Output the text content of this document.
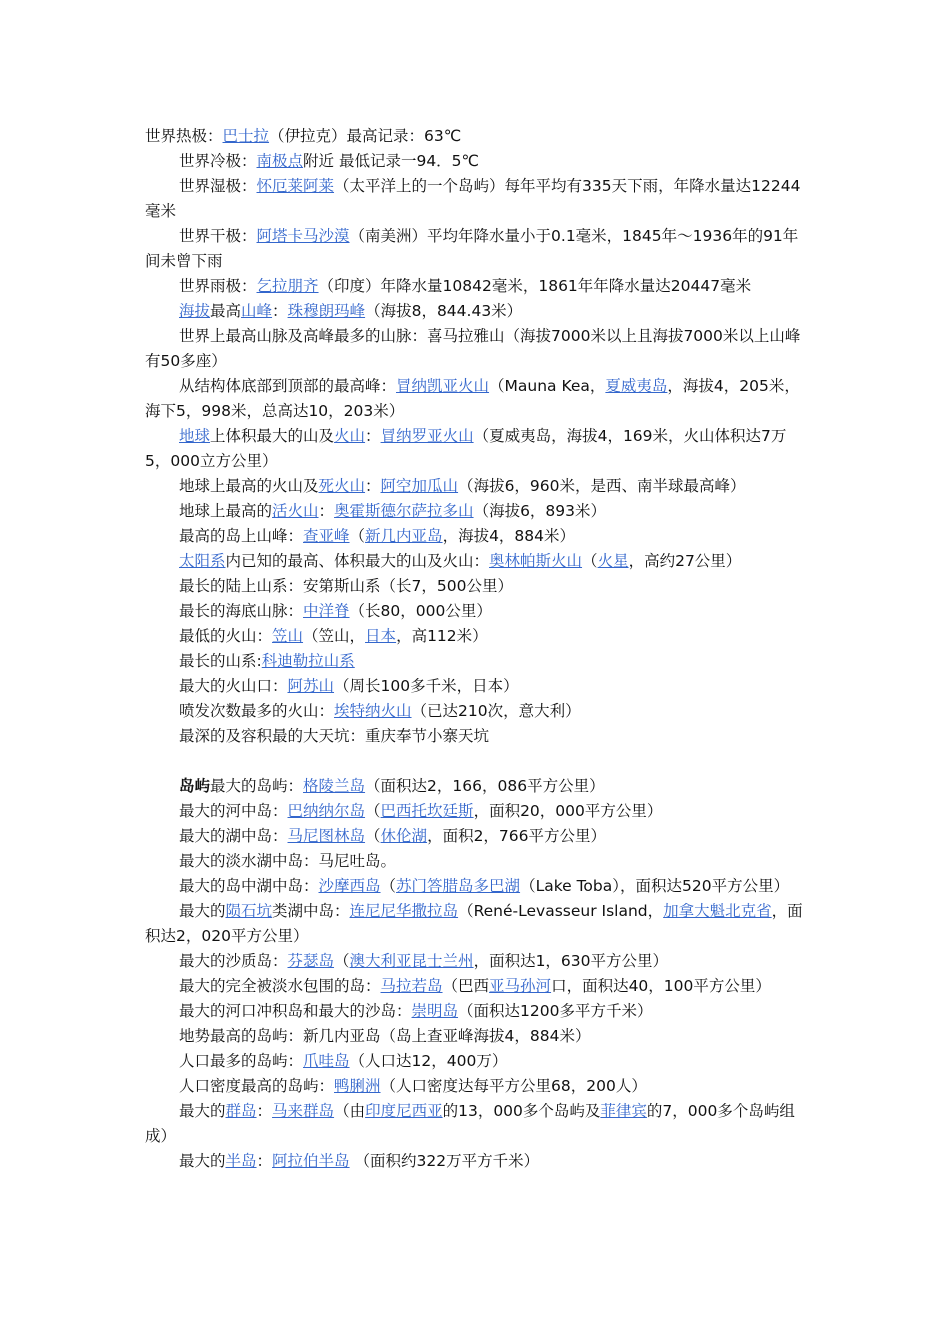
世界热极：巴士拉（伊拉克）最高记录：63℃

世界冷极：南极点附近 最低记录一94．5℃

世界湿极：怀厄莱阿莱（太平洋上的一个岛屿）每年平均有335天下雨，年降水量达12244毫米

世界干极：阿塔卡马沙漠（南美洲）平均年降水量小于0.1毫米，1845年～1936年的91年间未曾下雨

世界雨极：乞拉朋齐（印度）年降水量10842毫米，1861年年降水量达20447毫米

海拔最高山峰：珠穆朗玛峰（海拔8，844.43米）

世界上最高山脉及高峰最多的山脉：喜马拉雅山（海拔7000米以上且海拔7000米以上山峰有50多座）

从结构体底部到顶部的最高峰：冒纳凯亚火山（Mauna Kea，夏威夷岛，海拔4，205米，海下5，998米，总高达10，203米）

地球上体积最大的山及火山：冒纳罗亚火山（夏威夷岛，海拔4，169米，火山体积达7万5，000立方公里）

地球上最高的火山及死火山：阿空加瓜山（海拔6，960米，是西、南半球最高峰）

地球上最高的活火山：奥霍斯德尔萨拉多山（海拔6，893米）

最高的岛上山峰：查亚峰（新几内亚岛，海拔4，884米）

太阳系内已知的最高、体积最大的山及火山：奥林帕斯火山（火星，高约27公里）

最长的陆上山系：安第斯山系（长7，500公里）

最长的海底山脉：中洋脊（长80，000公里）

最低的火山：笠山（笠山，日本，高112米）

最长的山系:科迪勒拉山系

最大的火山口：阿苏山（周长100多千米，日本）

喷发次数最多的火山：埃特纳火山（已达210次，意大利）

最深的及容积最的大天坑：重庆奉节小寨天坑

岛屿最大的岛屿：格陵兰岛（面积达2，166，086平方公里）

最大的河中岛：巴纳纳尔岛（巴西托坎廷斯，面积20，000平方公里）

最大的湖中岛：马尼图林岛（休伦湖，面积2，766平方公里）

最大的淡水湖中岛：马尼吐岛。

最大的岛中湖中岛：沙摩西岛（苏门答腊岛多巴湖（Lake Toba），面积达520平方公里）

最大的陨石坑类湖中岛：连尼尼华撒拉岛（René-Levasseur Island，加拿大魁北克省，面积达2，020平方公里）

最大的沙质岛：芬瑟岛（澳大利亚昆士兰州，面积达1，630平方公里）

最大的完全被淡水包围的岛：马拉若岛（巴西亚马孙河口，面积达40，100平方公里）

最大的河口冲积岛和最大的沙岛：崇明岛（面积达1200多平方千米）

地势最高的岛屿：新几内亚岛（岛上查亚峰海拔4，884米）

人口最多的岛屿：爪哇岛（人口达12，400万）

人口密度最高的岛屿：鸭脷洲（人口密度达每平方公里68，200人）

最大的群岛：马来群岛（由印度尼西亚的13，000多个岛屿及菲律宾的7，000多个岛屿组成）

最大的半岛：阿拉伯半岛 （面积约322万平方千米）
